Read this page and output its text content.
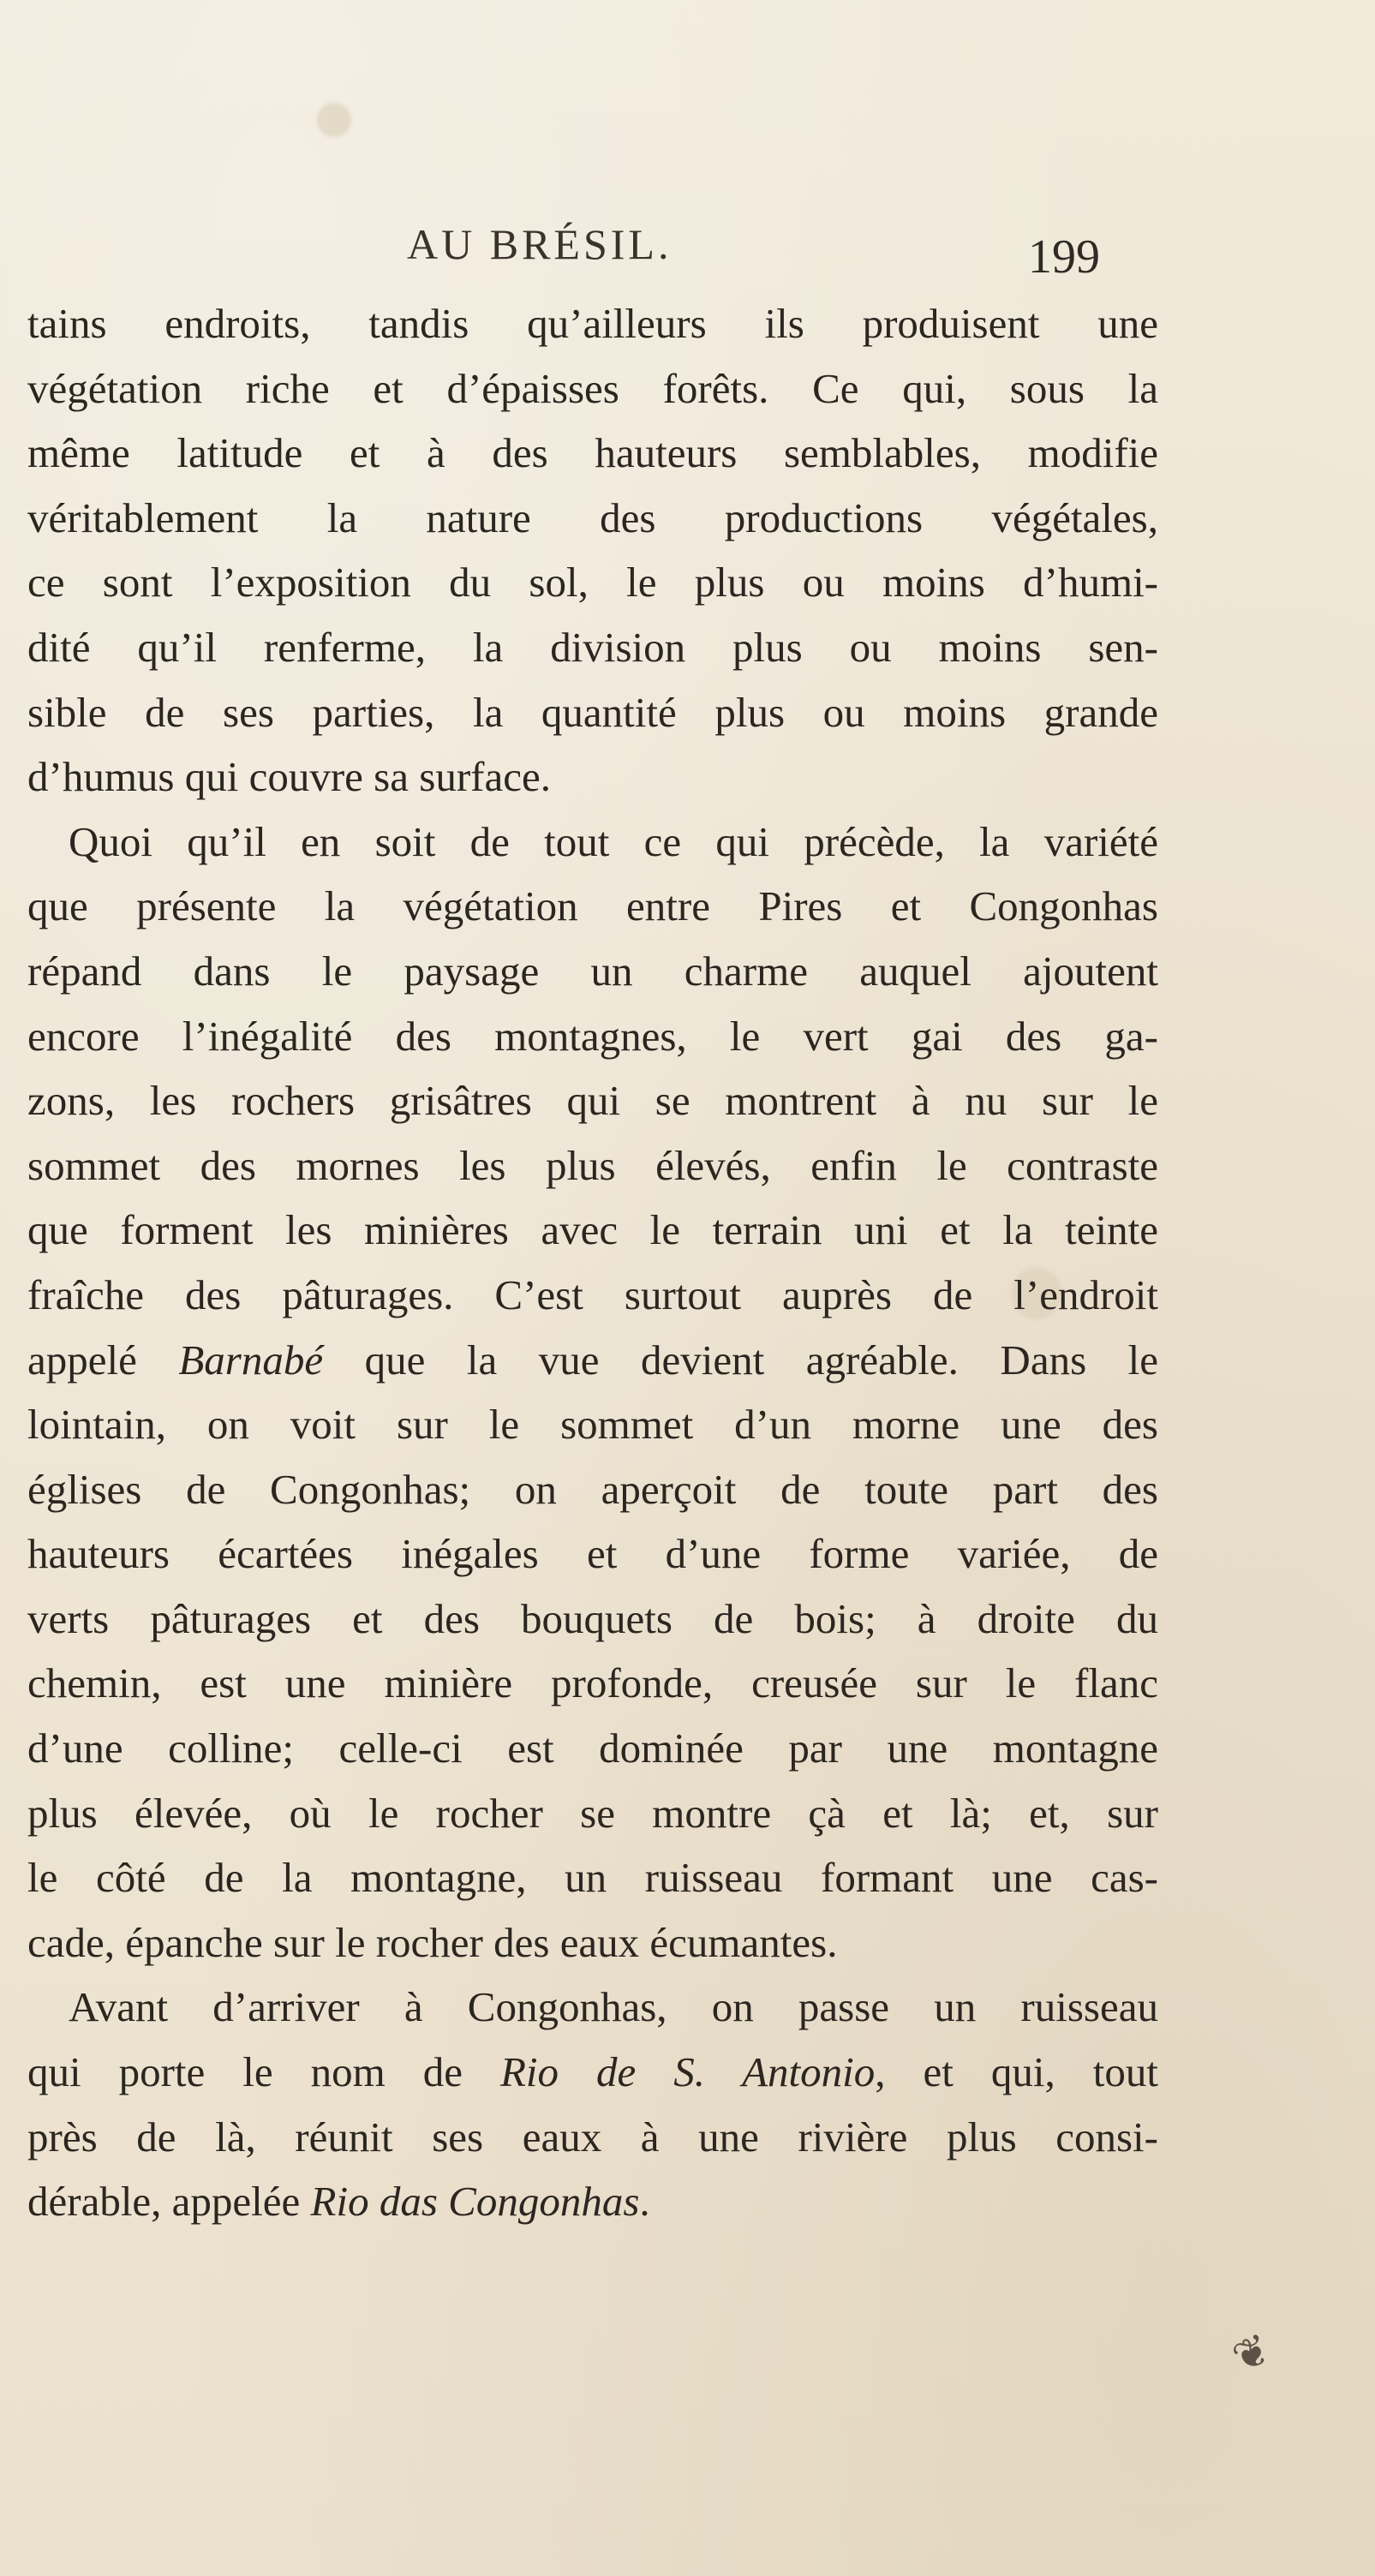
AU BRÉSIL.	199
tains endroits, tandis qu’ailleurs ils produisent une
végétation riche et d’épaisses forêts. Ce qui, sous la
même latitude et à des hauteurs semblables, modifie
véritablement la nature des productions végétales,
ce sont l’exposition du sol, le plus ou moins d’humi-
dité qu’il renferme, la division plus ou moins sen-
sible de ses parties, la quantité plus ou moins grande
d’humus qui couvre sa surface.
Quoi qu’il en soit de tout ce qui précède, la variété
que présente la végétation entre Pires et Congonhas
répand dans le paysage un charme auquel ajoutent
encore l’inégalité des montagnes, le vert gai des ga-
zons, les rochers grisâtres qui se montrent à nu sur le
sommet des mornes les plus élevés, enfin le contraste
que forment les minières avec le terrain uni et la teinte
fraîche des pâturages. C’est surtout auprès de l’endroit
appelé Barnabé que la vue devient agréable. Dans le
lointain, on voit sur le sommet d’un morne une des
églises de Congonhas; on aperçoit de toute part des
hauteurs écartées inégales et d’une forme variée, de
verts pâturages et des bouquets de bois; à droite du
chemin, est une minière profonde, creusée sur le flanc
d’une colline; celle-ci est dominée par une montagne
plus élevée, où le rocher se montre çà et là; et, sur
le côté de la montagne, un ruisseau formant une cas-
cade, épanche sur le rocher des eaux écumantes.
Avant d’arriver à Congonhas, on passe un ruisseau
qui porte le nom de Rio de S. Antonio, et qui, tout
près de là, réunit ses eaux à une rivière plus consi-
dérable, appelée Rio das Congonhas.
❦
